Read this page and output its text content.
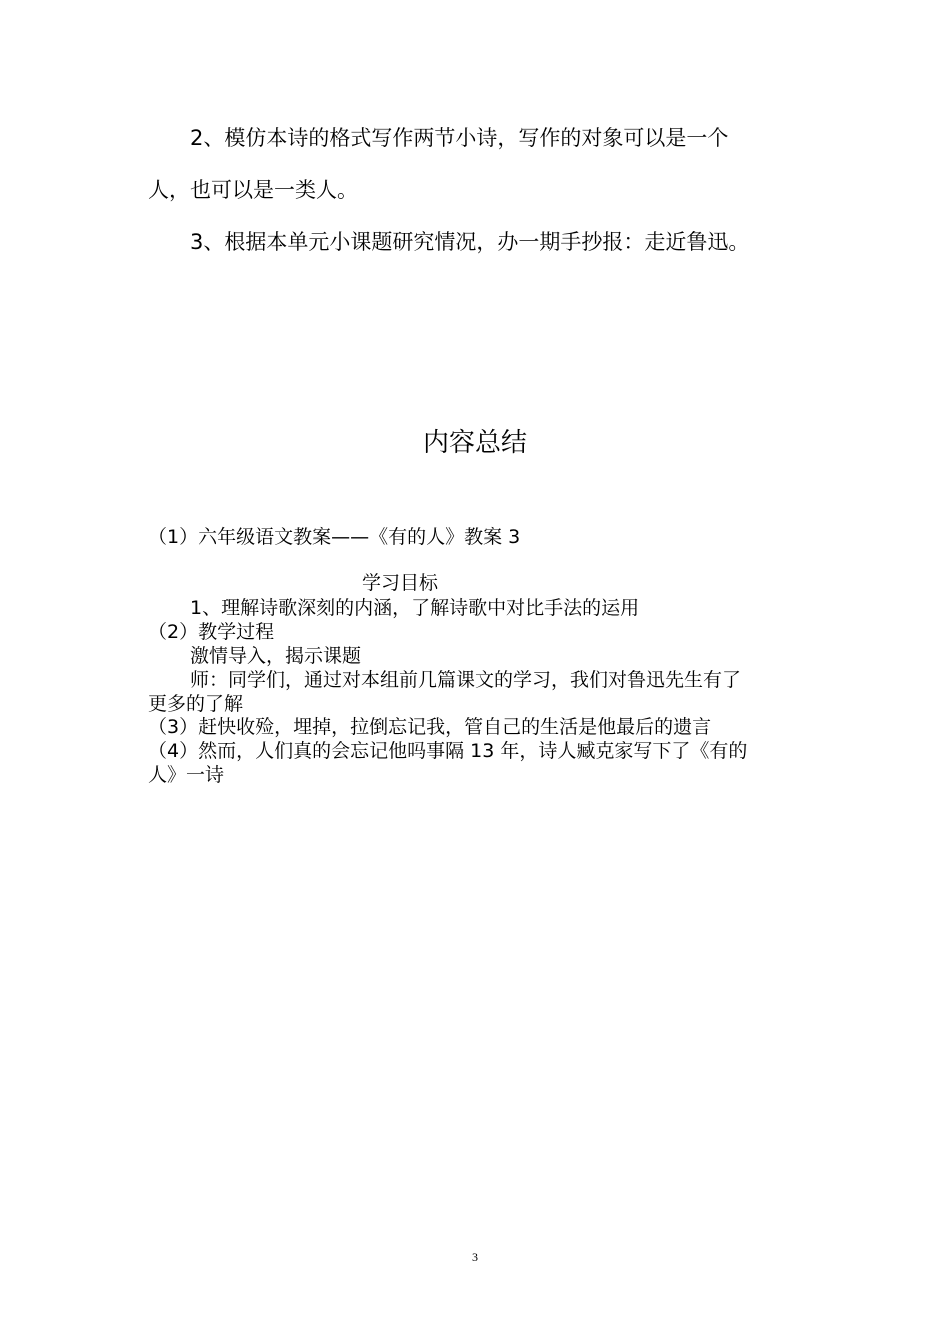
2、模仿本诗的格式写作两节小诗，写作的对象可以是一个
人，也可以是一类人。
3、根据本单元小课题研究情况，办一期手抄报：走近鲁迅。
内容总结
（1）六年级语文教案——《有的人》教案 3
学习目标
1、理解诗歌深刻的内涵，了解诗歌中对比手法的运用
（2）教学过程
激情导入，揭示课题
师：同学们，通过对本组前几篇课文的学习，我们对鲁迅先生有了
更多的了解
（3）赶快收殓，埋掉，拉倒忘记我，管自己的生活是他最后的遗言
（4）然而，人们真的会忘记他吗事隔 13 年，诗人臧克家写下了《有的
人》一诗
3
